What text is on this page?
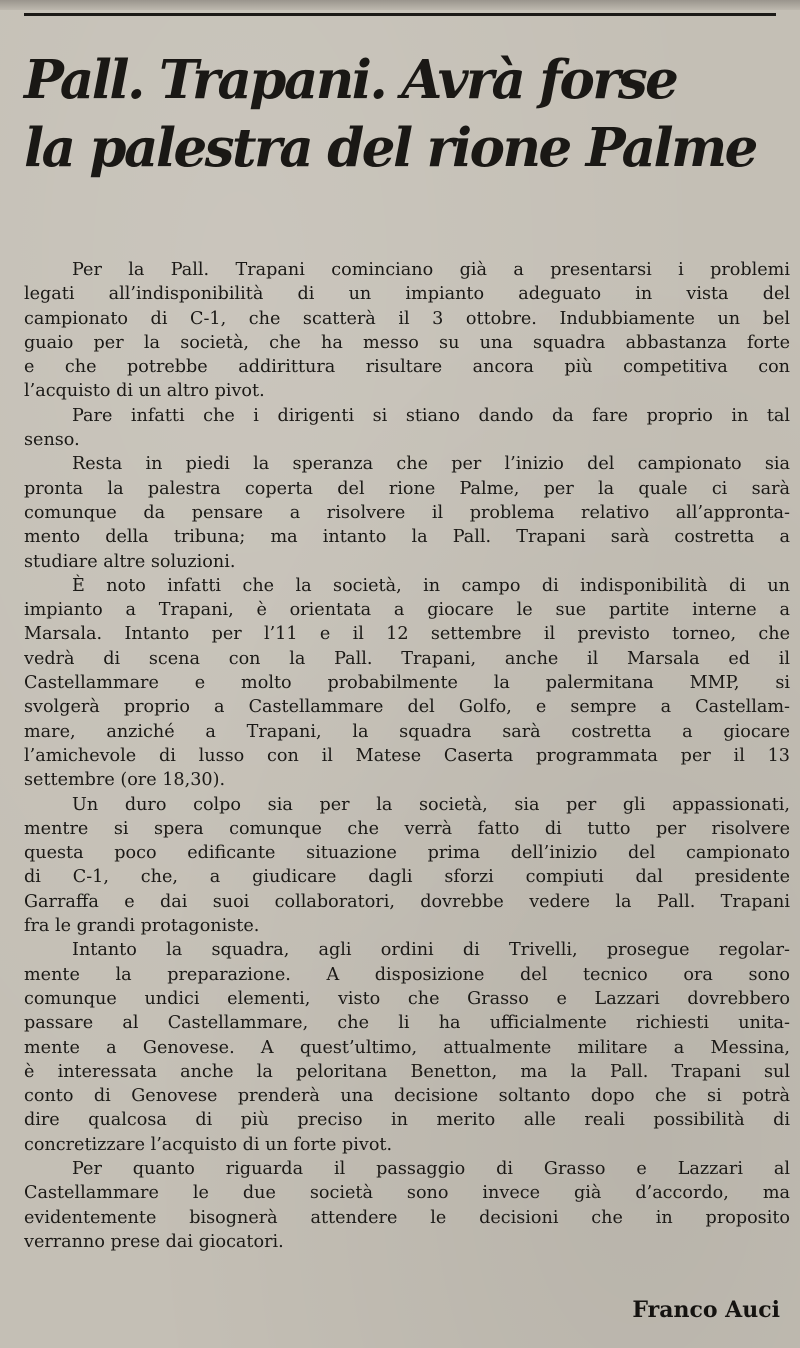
Pall. Trapani. Avrà forse
la palestra del rione Palme

Per la Pall. Trapani cominciano già a presentarsi i problemi
legati all’indisponibilità di un impianto adeguato in vista del
campionato di C-1, che scatterà il 3 ottobre. Indubbiamente un bel
guaio per la società, che ha messo su una squadra abbastanza forte
e che potrebbe addirittura risultare ancora più competitiva con
l’acquisto di un altro pivot.

Pare infatti che i dirigenti si stiano dando da fare proprio in tal
senso.

Resta in piedi la speranza che per l’inizio del campionato sia
pronta la palestra coperta del rione Palme, per la quale ci sarà
comunque da pensare a risolvere il problema relativo all’appronta-
mento della tribuna; ma intanto la Pall. Trapani sarà costretta a
studiare altre soluzioni.

È noto infatti che la società, in campo di indisponibilità di un
impianto a Trapani, è orientata a giocare le sue partite interne a
Marsala. Intanto per l’11 e il 12 settembre il previsto torneo, che
vedrà di scena con la Pall. Trapani, anche il Marsala ed il
Castellammare e molto probabilmente la palermitana MMP, si
svolgerà proprio a Castellammare del Golfo, e sempre a Castellam-
mare, anziché a Trapani, la squadra sarà costretta a giocare
l’amichevole di lusso con il Matese Caserta programmata per il 13
settembre (ore 18,30).

Un duro colpo sia per la società, sia per gli appassionati,
mentre si spera comunque che verrà fatto di tutto per risolvere
questa poco edificante situazione prima dell’inizio del campionato
di C-1, che, a giudicare dagli sforzi compiuti dal presidente
Garraffa e dai suoi collaboratori, dovrebbe vedere la Pall. Trapani
fra le grandi protagoniste.

Intanto la squadra, agli ordini di Trivelli, prosegue regolar-
mente la preparazione. A disposizione del tecnico ora sono
comunque undici elementi, visto che Grasso e Lazzari dovrebbero
passare al Castellammare, che li ha ufficialmente richiesti unita-
mente a Genovese. A quest’ultimo, attualmente militare a Messina,
è interessata anche la peloritana Benetton, ma la Pall. Trapani sul
conto di Genovese prenderà una decisione soltanto dopo che si potrà
dire qualcosa di più preciso in merito alle reali possibilità di
concretizzare l’acquisto di un forte pivot.

Per quanto riguarda il passaggio di Grasso e Lazzari al
Castellammare le due società sono invece già d’accordo, ma
evidentemente bisognerà attendere le decisioni che in proposito
verranno prese dai giocatori.

Franco Auci
